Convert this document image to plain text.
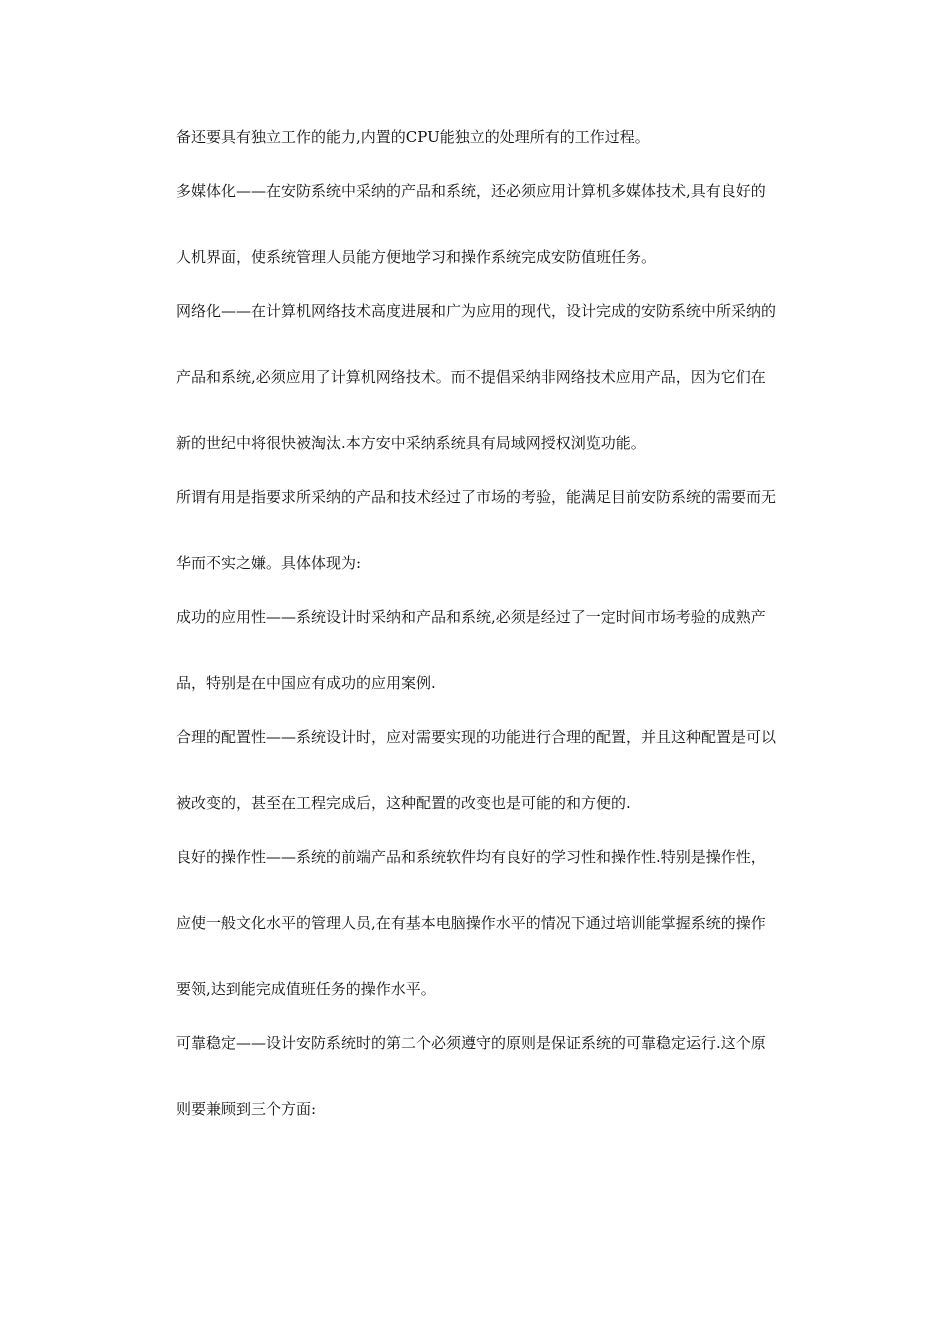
备还要具有独立工作的能力,内置的CPU能独立的处理所有的工作过程。
多媒体化——在安防系统中采纳的产品和系统，还必须应用计算机多媒体技术,具有良好的
人机界面，使系统管理人员能方便地学习和操作系统完成安防值班任务。
网络化——在计算机网络技术高度进展和广为应用的现代，设计完成的安防系统中所采纳的
产品和系统,必须应用了计算机网络技术。而不提倡采纳非网络技术应用产品，因为它们在
新的世纪中将很快被淘汰.本方安中采纳系统具有局域网授权浏览功能。
所谓有用是指要求所采纳的产品和技术经过了市场的考验，能满足目前安防系统的需要而无
华而不实之嫌。具体体现为:
成功的应用性——系统设计时采纳和产品和系统,必须是经过了一定时间市场考验的成熟产
品，特别是在中国应有成功的应用案例.
合理的配置性——系统设计时，应对需要实现的功能进行合理的配置，并且这种配置是可以
被改变的，甚至在工程完成后，这种配置的改变也是可能的和方便的.
良好的操作性——系统的前端产品和系统软件均有良好的学习性和操作性.特别是操作性，
应使一般文化水平的管理人员,在有基本电脑操作水平的情况下通过培训能掌握系统的操作
要领,达到能完成值班任务的操作水平。
可靠稳定——设计安防系统时的第二个必须遵守的原则是保证系统的可靠稳定运行.这个原
则要兼顾到三个方面:
